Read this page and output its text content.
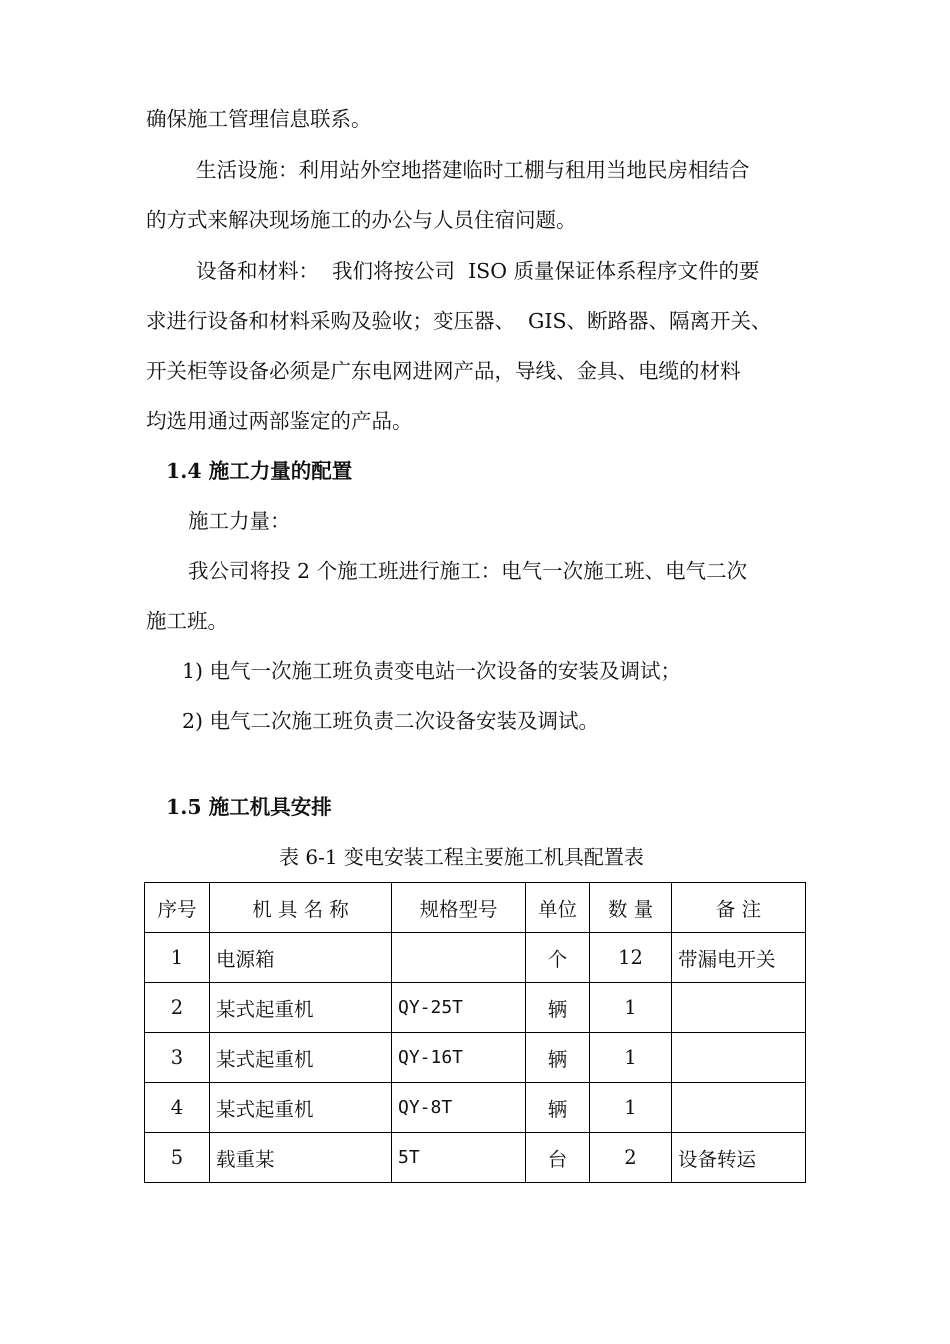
确保施工管理信息联系。
生活设施：利用站外空地搭建临时工棚与租用当地民房相结合
的方式来解决现场施工的办公与人员住宿问题。
设备和材料：  我们将按公司  ISO 质量保证体系程序文件的要
求进行设备和材料采购及验收；变压器、  GIS、断路器、隔离开关、
开关柜等设备必须是广东电网进网产品，导线、金具、电缆的材料
均选用通过两部鉴定的产品。
1.4 施工力量的配置
施工力量：
我公司将投 2 个施工班进行施工：电气一次施工班、电气二次
施工班。
1) 电气一次施工班负责变电站一次设备的安装及调试；
2) 电气二次施工班负责二次设备安装及调试。
1.5 施工机具安排
表 6-1 变电安装工程主要施工机具配置表
序号	机 具 名 称	规格型号	单位	数 量	备 注
1	电源箱		个	12	带漏电开关
2	某式起重机	QY-25T	辆	1	
3	某式起重机	QY-16T	辆	1	
4	某式起重机	QY-8T	辆	1	
5	载重某	5T	台	2	设备转运
